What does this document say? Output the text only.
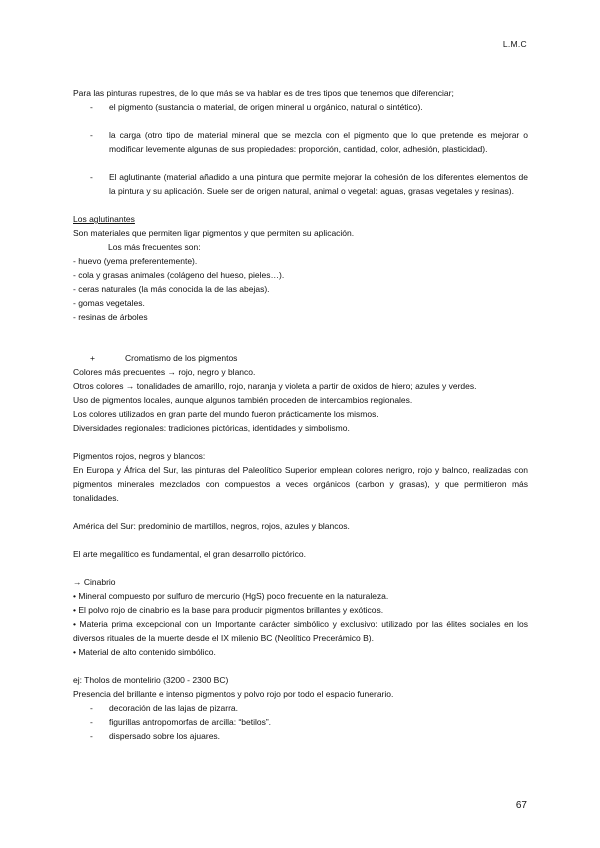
L.M.C

Para las pinturas rupestres, de lo que más se va hablar es de tres tipos que tenemos que diferenciar;

-	el pigmento (sustancia o material, de origen mineral u orgánico, natural o sintético).
-	la carga (otro tipo de material mineral que se mezcla con el pigmento que lo que pretende es mejorar o modificar levemente algunas de sus propiedades: proporción, cantidad, color, adhesión, plasticidad).
-	El aglutinante (material añadido a una pintura que permite mejorar la cohesión de los diferentes elementos de la pintura y su aplicación. Suele ser de origen natural, animal o vegetal: aguas, grasas vegetales y resinas).

Los aglutinantes

Son materiales que permiten ligar pigmentos y que permiten su aplicación.

Los más frecuentes son:

- huevo (yema preferentemente).

- cola y grasas animales (colágeno del hueso, pieles…).

- ceras naturales (la más conocida la de las abejas).

- gomas vegetales.

- resinas de árboles

+	Cromatismo de los pigmentos

Colores más precuentes → rojo, negro y blanco.

Otros colores → tonalidades de amarillo, rojo, naranja y violeta a partir de oxidos de hiero; azules y verdes.

Uso de pigmentos locales, aunque algunos también proceden de intercambios regionales.

Los colores utilizados en gran parte del mundo fueron prácticamente los mismos.

Diversidades regionales: tradiciones pictóricas, identidades y simbolismo.

Pigmentos rojos, negros y blancos:

En Europa y África del Sur, las pinturas del Paleolítico Superior emplean colores nerigro, rojo y balnco, realizadas con pigmentos minerales mezclados con compuestos a veces orgánicos (carbon y grasas), y que permitieron más tonalidades.

América del Sur: predominio de martillos, negros, rojos, azules y blancos.

El arte megalítico es fundamental, el gran desarrollo pictórico.

→ Cinabrio

• Mineral compuesto por sulfuro de mercurio (HgS) poco frecuente en la naturaleza.

• El polvo rojo de cinabrio es la base para producir pigmentos brillantes y exóticos.

• Materia prima excepcional con un Importante carácter simbólico y exclusivo: utilizado por las élites sociales en los diversos rituales de la muerte desde el IX milenio BC (Neolítico Precerámico B).

• Material de alto contenido simbólico.

ej: Tholos de montelirio (3200 - 2300 BC)

Presencia del brillante e intenso pigmentos y polvo rojo por todo el espacio funerario.

-	decoración de las lajas de pizarra.
-	figurillas antropomorfas de arcilla: “betilos”.
-	dispersado sobre los ajuares.
67
